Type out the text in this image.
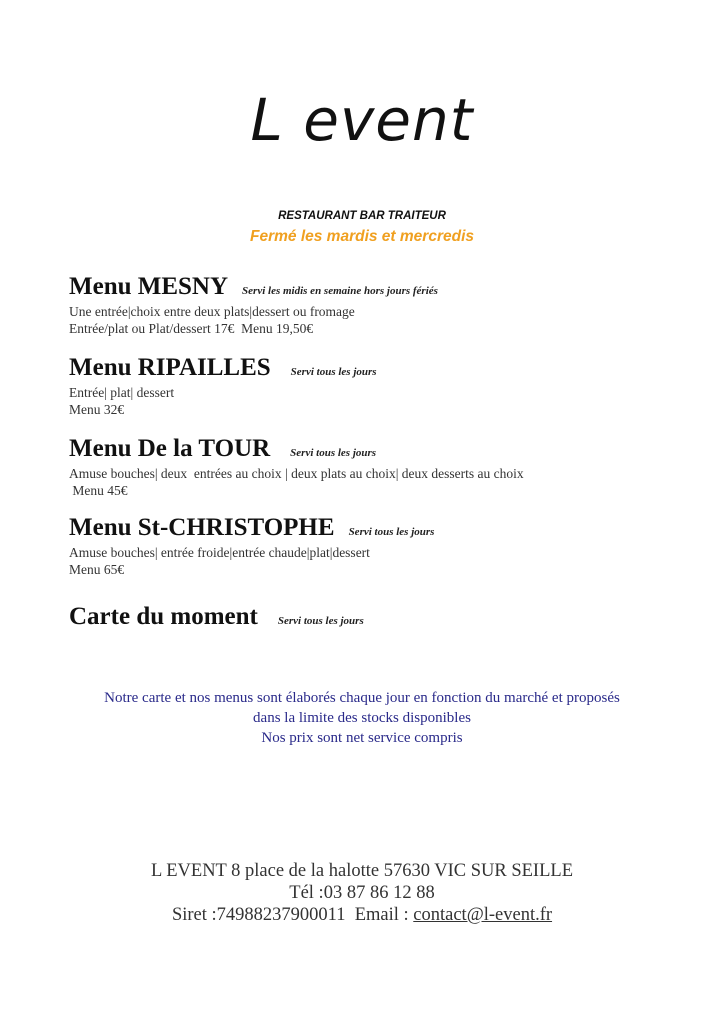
L event
RESTAURANT BAR TRAITEUR
Fermé les mardis et mercredis
Menu MESNY Servi les midis en semaine hors jours fériés
Une entrée|choix entre deux plats|dessert ou fromage
Entrée/plat ou Plat/dessert 17€  Menu 19,50€
Menu RIPAILLES Servi tous les jours
Entrée| plat| dessert
Menu 32€
Menu De la TOUR Servi tous les jours
Amuse bouches| deux  entrées au choix | deux plats au choix| deux desserts au choix
Menu 45€
Menu St-CHRISTOPHE Servi tous les jours
Amuse bouches| entrée froide|entrée chaude|plat|dessert
Menu 65€
Carte du moment Servi tous les jours
Notre carte et nos menus sont élaborés chaque jour en fonction du marché et proposés
dans la limite des stocks disponibles
Nos prix sont net service compris
L EVENT 8 place de la halotte 57630 VIC SUR SEILLE
Tél :03 87 86 12 88
Siret :74988237900011  Email : contact@l-event.fr
